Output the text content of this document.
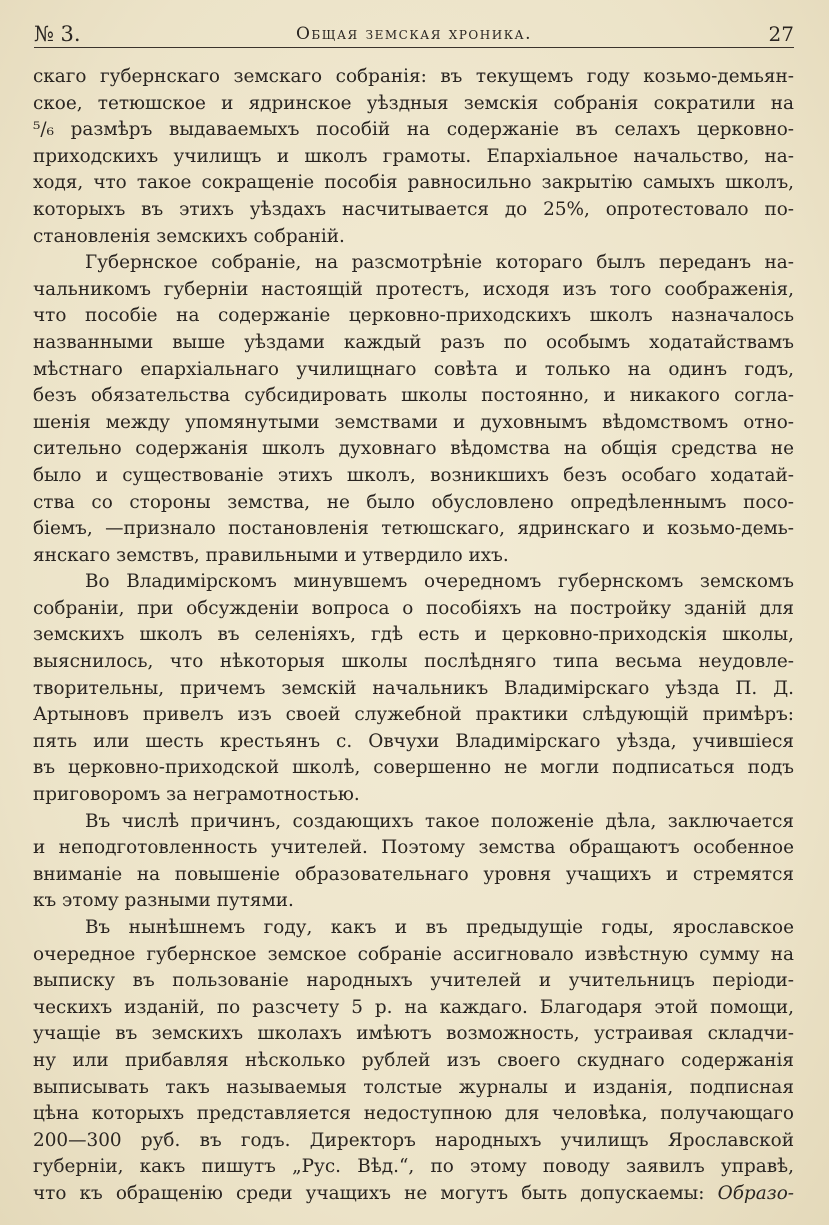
№ 3.	Общая земская хроника.	27
скаго губернскаго земскаго собранія: въ текущемъ году козьмо-демьян-
ское, тетюшское и ядринское уѣздныя земскія собранія сократили на
⁵/₆ размѣръ выдаваемыхъ пособій на содержаніе въ селахъ церковно-
приходскихъ училищъ и школъ грамоты. Епархіальное начальство, на-
ходя, что такое сокращеніе пособія равносильно закрытію самыхъ школъ,
которыхъ въ этихъ уѣздахъ насчитывается до 25%, опротестовало по-
становленія земскихъ собраній.
Губернское собраніе, на разсмотрѣніе котораго былъ переданъ на-
чальникомъ губерніи настоящій протестъ, исходя изъ того соображенія,
что пособіе на содержаніе церковно-приходскихъ школъ назначалось
названными выше уѣздами каждый разъ по особымъ ходатайствамъ
мѣстнаго епархіальнаго училищнаго совѣта и только на одинъ годъ,
безъ обязательства субсидировать школы постоянно, и никакого согла-
шенія между упомянутыми земствами и духовнымъ вѣдомствомъ отно-
сительно содержанія школъ духовнаго вѣдомства на общія средства не
было и существованіе этихъ школъ, возникшихъ безъ особаго ходатай-
ства со стороны земства, не было обусловлено опредѣленнымъ посо-
біемъ, —признало постановленія тетюшскаго, ядринскаго и козьмо-демь-
янскаго земствъ, правильными и утвердило ихъ.
Во Владимірскомъ минувшемъ очередномъ губернскомъ земскомъ
собраніи, при обсужденіи вопроса о пособіяхъ на постройку зданій для
земскихъ школъ въ селеніяхъ, гдѣ есть и церковно-приходскія школы,
выяснилось, что нѣкоторыя школы послѣдняго типа весьма неудовле-
творительны, причемъ земскій начальникъ Владимірскаго уѣзда П. Д.
Артыновъ привелъ изъ своей служебной практики слѣдующій примѣръ:
пять или шесть крестьянъ с. Овчухи Владимірскаго уѣзда, учившіеся
въ церковно-приходской школѣ, совершенно не могли подписаться подъ
приговоромъ за неграмотностью.
Въ числѣ причинъ, создающихъ такое положеніе дѣла, заключается
и неподготовленность учителей. Поэтому земства обращаютъ особенное
вниманіе на повышеніе образовательнаго уровня учащихъ и стремятся
къ этому разными путями.
Въ нынѣшнемъ году, какъ и въ предыдущіе годы, ярославское
очередное губернское земское собраніе ассигновало извѣстную сумму на
выписку въ пользованіе народныхъ учителей и учительницъ періоди-
ческихъ изданій, по разсчету 5 р. на каждаго. Благодаря этой помощи,
учащіе въ земскихъ школахъ имѣютъ возможность, устраивая складчи-
ну или прибавляя нѣсколько рублей изъ своего скуднаго содержанія
выписывать такъ называемыя толстые журналы и изданія, подписная
цѣна которыхъ представляется недоступною для человѣка, получающаго
200—300 руб. въ годъ. Директоръ народныхъ училищъ Ярославской
губерніи, какъ пишутъ „Рус. Вѣд.“, по этому поводу заявилъ управѣ,
что къ обращенію среди учащихъ не могутъ быть допускаемы: Образо-
